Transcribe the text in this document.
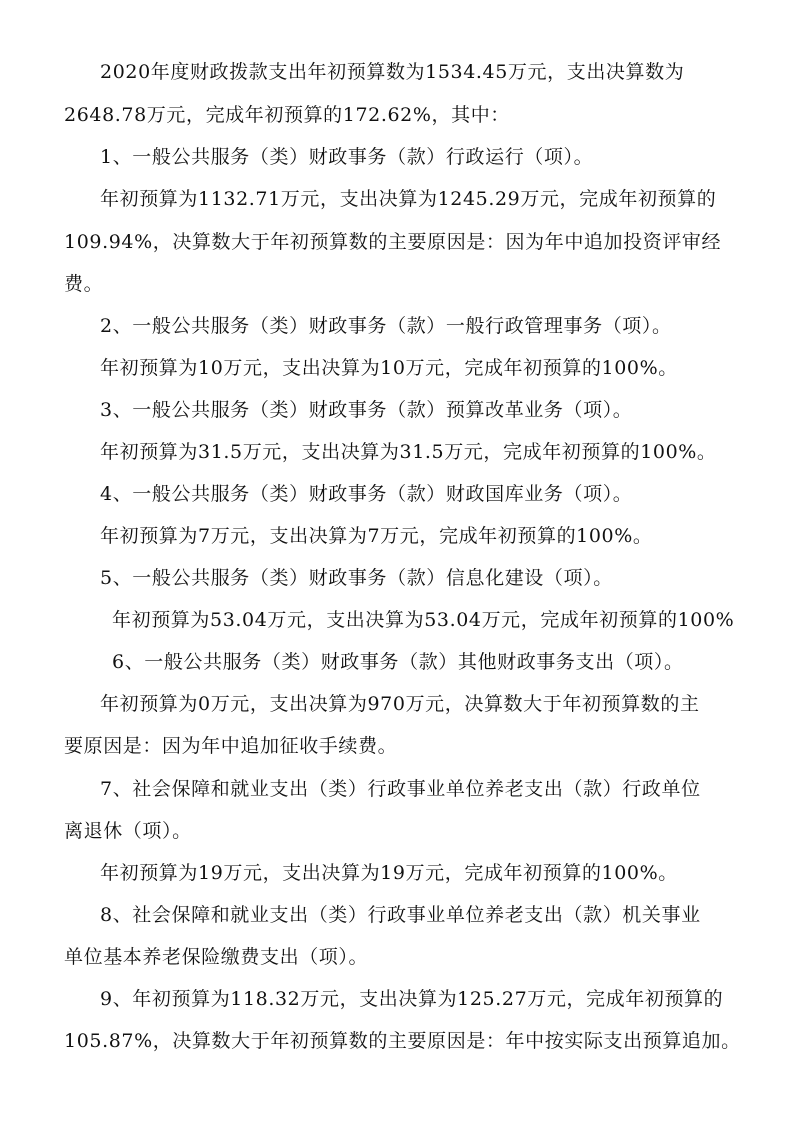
2020年度财政拨款支出年初预算数为1534.45万元，支出决算数为
2648.78万元，完成年初预算的172.62%，其中：
1、一般公共服务（类）财政事务（款）行政运行（项）。
年初预算为1132.71万元，支出决算为1245.29万元，完成年初预算的
109.94%，决算数大于年初预算数的主要原因是：因为年中追加投资评审经
费。
2、一般公共服务（类）财政事务（款）一般行政管理事务（项）。
年初预算为10万元，支出决算为10万元，完成年初预算的100%。
3、一般公共服务（类）财政事务（款）预算改革业务（项）。
年初预算为31.5万元，支出决算为31.5万元，完成年初预算的100%。
4、一般公共服务（类）财政事务（款）财政国库业务（项）。
年初预算为7万元，支出决算为7万元，完成年初预算的100%。
5、一般公共服务（类）财政事务（款）信息化建设（项）。
年初预算为53.04万元，支出决算为53.04万元，完成年初预算的100%
6、一般公共服务（类）财政事务（款）其他财政事务支出（项）。
年初预算为0万元，支出决算为970万元，决算数大于年初预算数的主
要原因是：因为年中追加征收手续费。
7、社会保障和就业支出（类）行政事业单位养老支出（款）行政单位
离退休（项）。
年初预算为19万元，支出决算为19万元，完成年初预算的100%。
8、社会保障和就业支出（类）行政事业单位养老支出（款）机关事业
单位基本养老保险缴费支出（项）。
9、年初预算为118.32万元，支出决算为125.27万元，完成年初预算的
105.87%，决算数大于年初预算数的主要原因是：年中按实际支出预算追加。
